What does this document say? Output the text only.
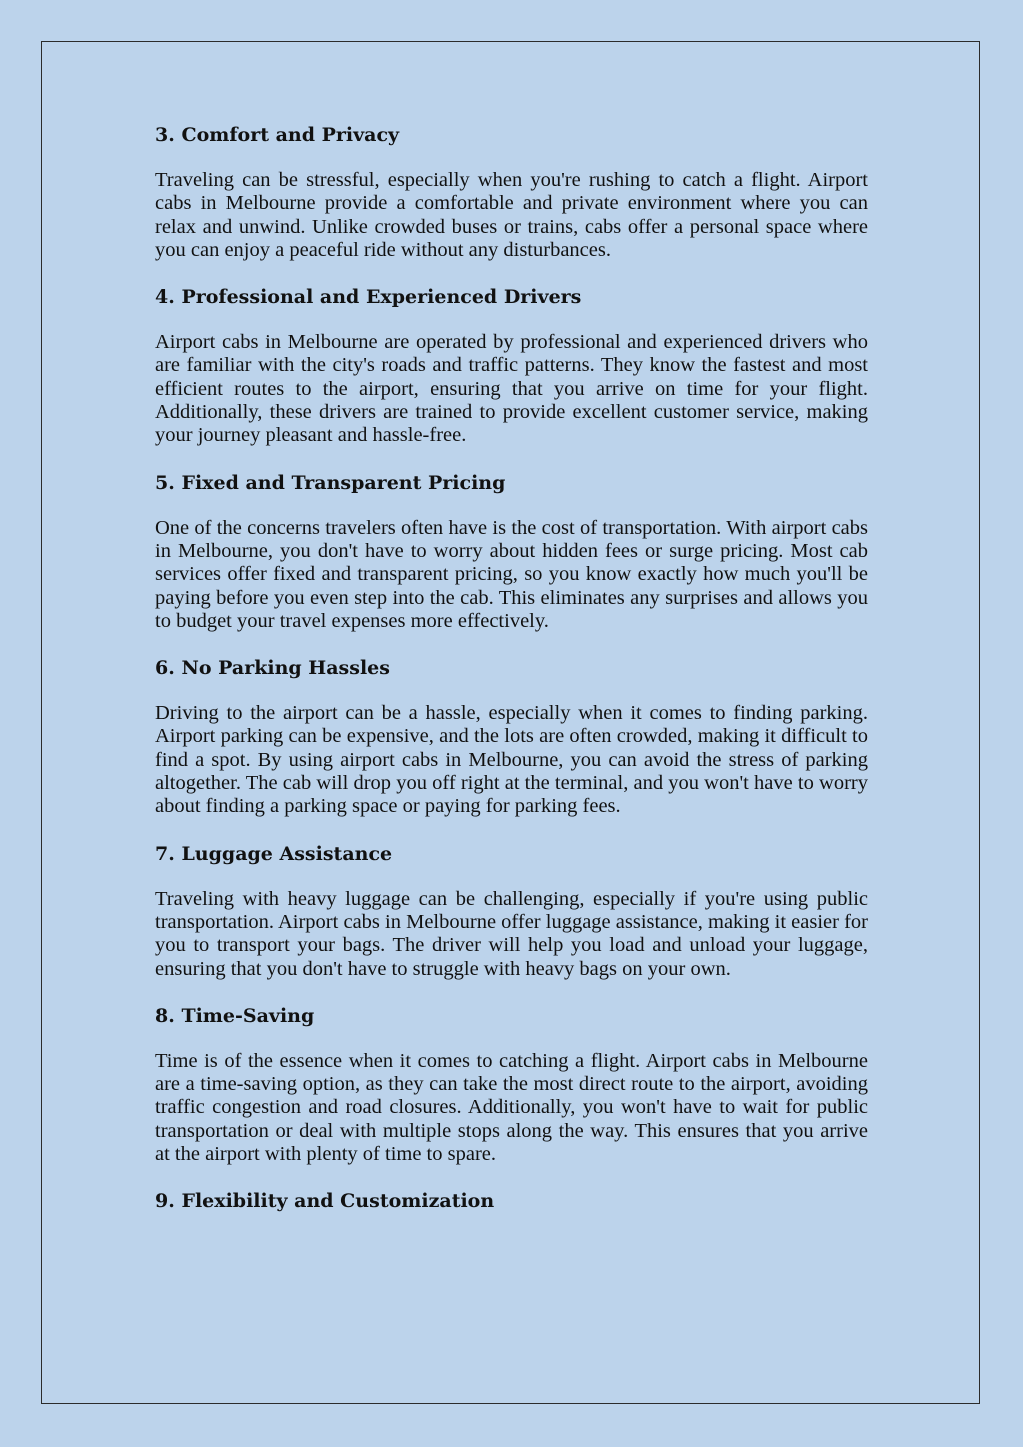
3. Comfort and Privacy

Traveling can be stressful, especially when you're rushing to catch a flight. Airport cabs in Melbourne provide a comfortable and private environment where you can relax and unwind. Unlike crowded buses or trains, cabs offer a personal space where you can enjoy a peaceful ride without any disturbances.

4. Professional and Experienced Drivers

Airport cabs in Melbourne are operated by professional and experienced drivers who are familiar with the city's roads and traffic patterns. They know the fastest and most efficient routes to the airport, ensuring that you arrive on time for your flight. Additionally, these drivers are trained to provide excellent customer service, making your journey pleasant and hassle-free.

5. Fixed and Transparent Pricing

One of the concerns travelers often have is the cost of transportation. With airport cabs in Melbourne, you don't have to worry about hidden fees or surge pricing. Most cab services offer fixed and transparent pricing, so you know exactly how much you'll be paying before you even step into the cab. This eliminates any surprises and allows you to budget your travel expenses more effectively.

6. No Parking Hassles

Driving to the airport can be a hassle, especially when it comes to finding parking. Airport parking can be expensive, and the lots are often crowded, making it difficult to find a spot. By using airport cabs in Melbourne, you can avoid the stress of parking altogether. The cab will drop you off right at the terminal, and you won't have to worry about finding a parking space or paying for parking fees.

7. Luggage Assistance

Traveling with heavy luggage can be challenging, especially if you're using public transportation. Airport cabs in Melbourne offer luggage assistance, making it easier for you to transport your bags. The driver will help you load and unload your luggage, ensuring that you don't have to struggle with heavy bags on your own.

8. Time-Saving

Time is of the essence when it comes to catching a flight. Airport cabs in Melbourne are a time-saving option, as they can take the most direct route to the airport, avoiding traffic congestion and road closures. Additionally, you won't have to wait for public transportation or deal with multiple stops along the way. This ensures that you arrive at the airport with plenty of time to spare.

9. Flexibility and Customization
